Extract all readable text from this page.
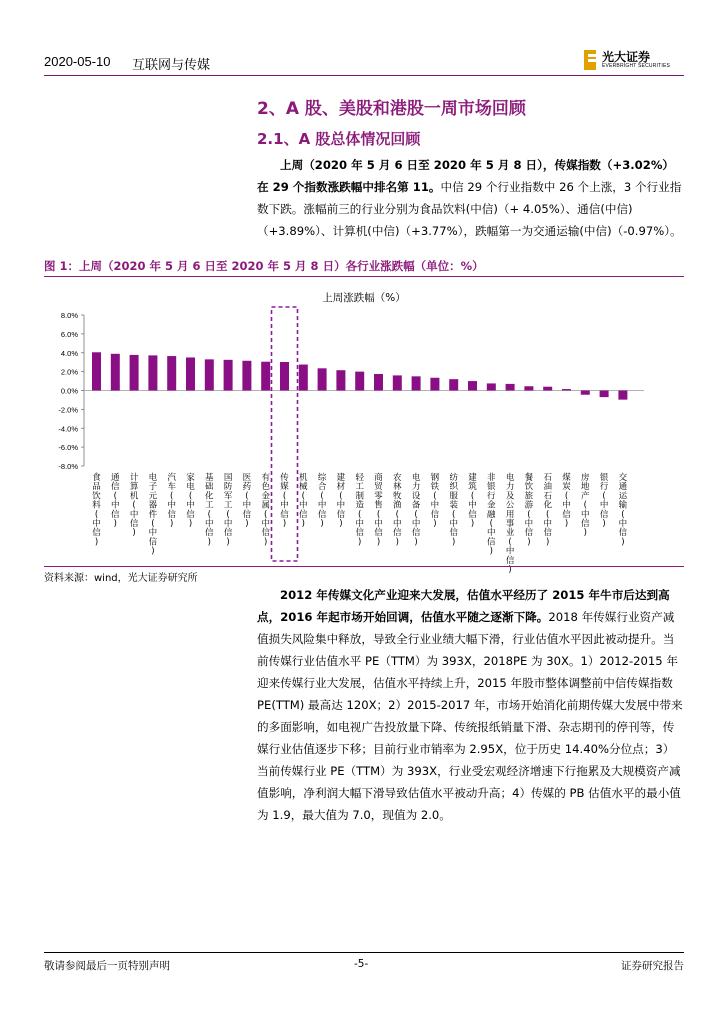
2020-05-10 互联网与传媒
光大证券
EVERBRIGHT SECURITIES
2、A 股、美股和港股一周市场回顾
2.1、A 股总体情况回顾

上周（2020 年 5 月 6 日至 2020 年 5 月 8 日），传媒指数（+3.02%）在 29 个指数涨跌幅中排名第 11。中信 29 个行业指数中 26 个上涨，3 个行业指数下跌。涨幅前三的行业分别为食品饮料(中信)（+ 4.05%）、通信(中信)（+3.89%）、计算机(中信)（+3.77%），跌幅第一为交通运输(中信)（-0.97%）。

图 1：上周（2020 年 5 月 6 日至 2020 年 5 月 8 日）各行业涨跌幅（单位：%）
上周涨跌幅（%）
8.0%
6.0%
4.0%
2.0%
0.0%
-2.0%
-4.0%
-6.0%
-8.0%
食品饮料(中信)
通信(中信)
计算机(中信)
电子元器件(中信)
汽车(中信)
家电(中信)
基础化工(中信)
国防军工(中信)
医药(中信)
有色金属(中信)
传媒(中信)
机械(中信)
综合(中信)
建材(中信)
轻工制造(中信)
商贸零售(中信)
农林牧渔(中信)
电力设备(中信)
钢铁(中信)
纺织服装(中信)
建筑(中信)
非银行金融(中信)
电力及公用事业(中信)
餐饮旅游(中信)
石油石化(中信)
煤炭(中信)
房地产(中信)
银行(中信)
交通运输(中信)
资料来源：wind，光大证券研究所

2012 年传媒文化产业迎来大发展，估值水平经历了 2015 年牛市后达到高点，2016 年起市场开始回调，估值水平随之逐渐下降。2018 年传媒行业资产减值损失风险集中释放，导致全行业业绩大幅下滑，行业估值水平因此被动提升。当前传媒行业估值水平 PE（TTM）为 393X，2018PE 为 30X。1）2012-2015 年迎来传媒行业大发展，估值水平持续上升，2015 年股市整体调整前中信传媒指数 PE(TTM) 最高达 120X；2）2015-2017 年，市场开始消化前期传媒大发展中带来的多面影响，如电视广告投放量下降、传统报纸销量下滑、杂志期刊的停刊等，传媒行业估值逐步下移；目前行业市销率为 2.95X，位于历史 14.40%分位点；3）当前传媒行业 PE（TTM）为 393X，行业受宏观经济增速下行拖累及大规模资产减值影响，净利润大幅下滑导致估值水平被动升高；4）传媒的 PB 估值水平的最小值为 1.9，最大值为 7.0，现值为 2.0。

敬请参阅最后一页特别声明	-5-	证券研究报告
